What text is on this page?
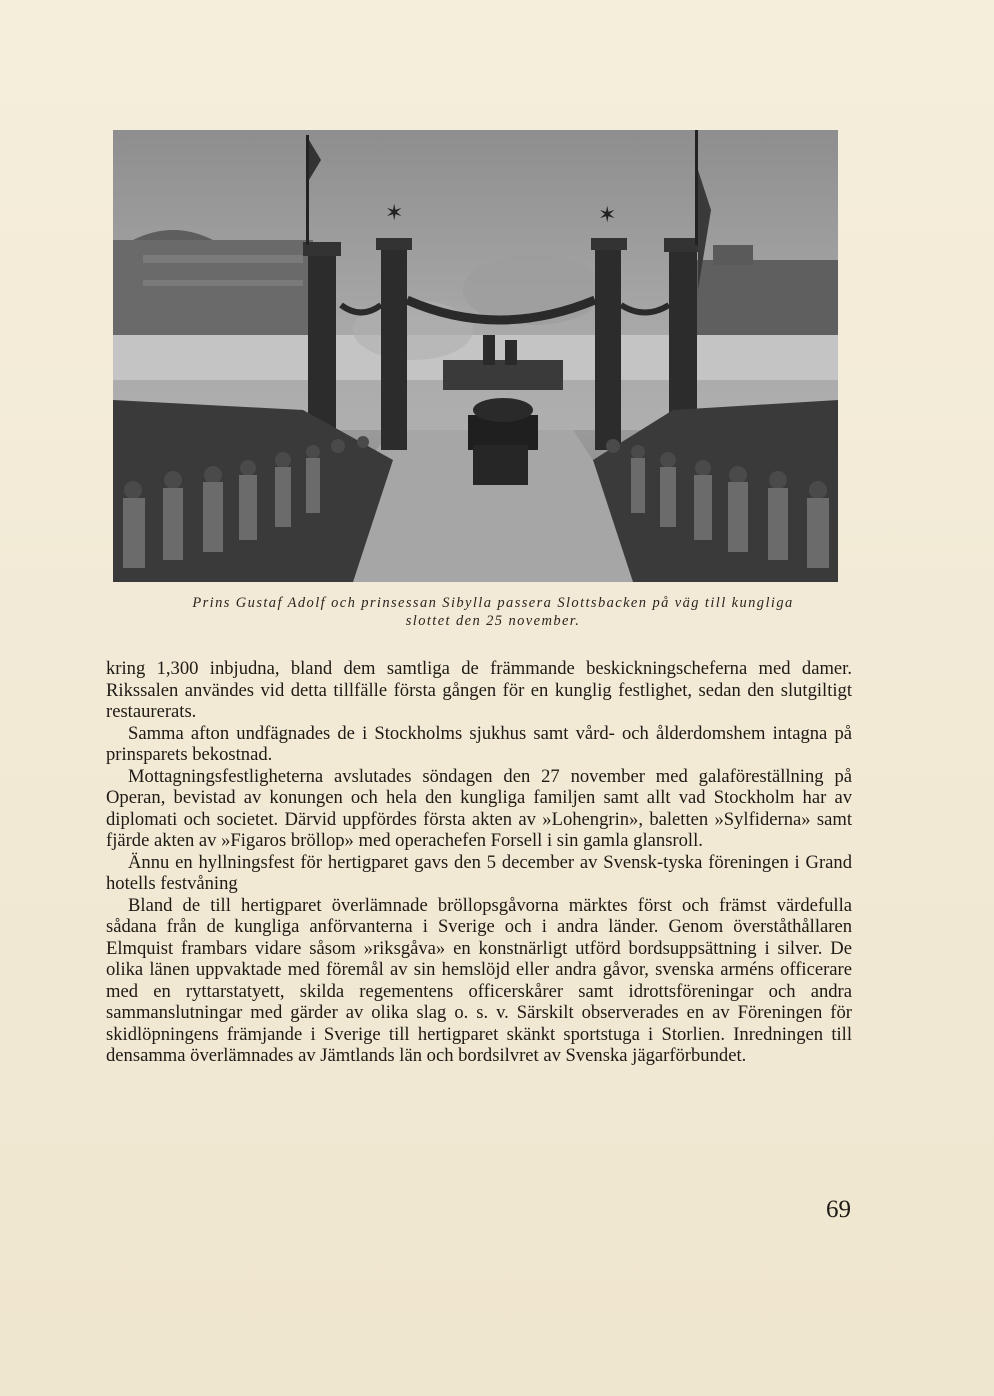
✶	✶
Prins Gustaf Adolf och prinsessan Sibylla passera Slottsbacken på väg till kungliga
slottet den 25 november.

kring 1,300 inbjudna, bland dem samtliga de främmande beskickningscheferna med damer. Rikssalen användes vid detta tillfälle första gången för en kunglig festlighet, sedan den slutgiltigt restaurerats.

Samma afton undfägnades de i Stockholms sjukhus samt vård- och ålderdomshem intagna på prinsparets bekostnad.

Mottagningsfestligheterna avslutades söndagen den 27 november med galaföreställning på Operan, bevistad av konungen och hela den kungliga familjen samt allt vad Stockholm har av diplomati och societet. Därvid uppfördes första akten av »Lohengrin», baletten »Sylfiderna» samt fjärde akten av »Figaros bröllop» med operachefen Forsell i sin gamla glansroll.

Ännu en hyllningsfest för hertigparet gavs den 5 december av Svensk-tyska föreningen i Grand hotells festvåning

Bland de till hertigparet överlämnade bröllopsgåvorna märktes först och främst värdefulla sådana från de kungliga anförvanterna i Sverige och i andra länder. Genom överståthållaren Elmquist frambars vidare såsom »riksgåva» en konstnärligt utförd bordsuppsättning i silver. De olika länen uppvaktade med föremål av sin hemslöjd eller andra gåvor, svenska arméns officerare med en ryttarstatyett, skilda regementens officerskårer samt idrottsföreningar och andra sammanslutningar med gärder av olika slag o. s. v. Särskilt observerades en av Föreningen för skidlöpningens främjande i Sverige till hertigparet skänkt sportstuga i Storlien. Inredningen till densamma överlämnades av Jämtlands län och bordsilvret av Svenska jägarförbundet.

69
